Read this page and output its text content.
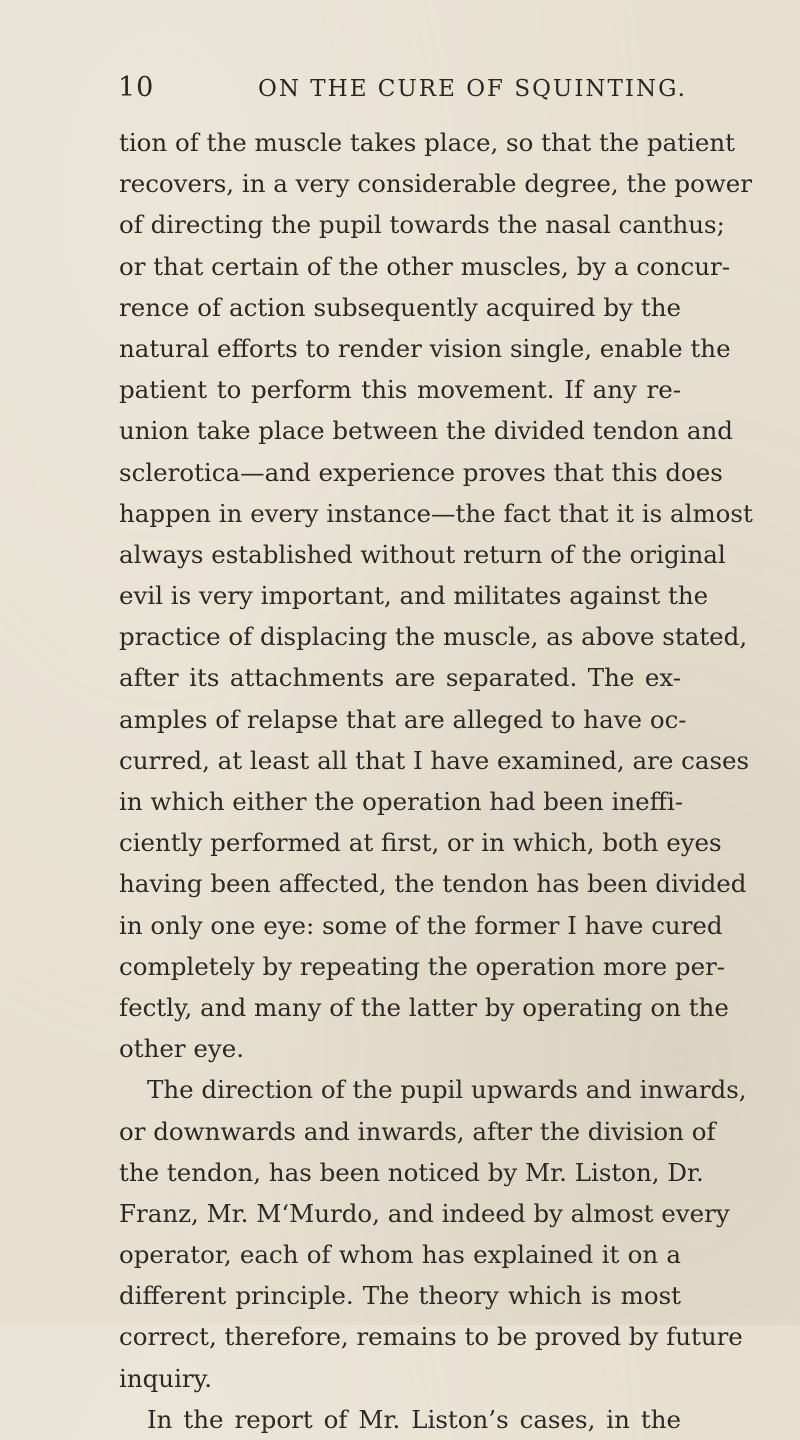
10	ON THE CURE OF SQUINTING.
tion of the muscle takes place, so that the patient
recovers, in a very considerable degree, the power
of directing the pupil towards the nasal canthus;
or that certain of the other muscles, by a concur-
rence of action subsequently acquired by the
natural efforts to render vision single, enable the
patient to perform this movement. If any re-
union take place between the divided tendon and
sclerotica—and experience proves that this does
happen in every instance—the fact that it is almost
always established without return of the original
evil is very important, and militates against the
practice of displacing the muscle, as above stated,
after its attachments are separated. The ex-
amples of relapse that are alleged to have oc-
curred, at least all that I have examined, are cases
in which either the operation had been ineffi-
ciently performed at first, or in which, both eyes
having been affected, the tendon has been divided
in only one eye: some of the former I have cured
completely by repeating the operation more per-
fectly, and many of the latter by operating on the
other eye.
The direction of the pupil upwards and inwards,
or downwards and inwards, after the division of
the tendon, has been noticed by Mr. Liston, Dr.
Franz, Mr. M‘Murdo, and indeed by almost every
operator, each of whom has explained it on a
different principle. The theory which is most
correct, therefore, remains to be proved by future
inquiry.
In the report of Mr. Liston’s cases, in the
